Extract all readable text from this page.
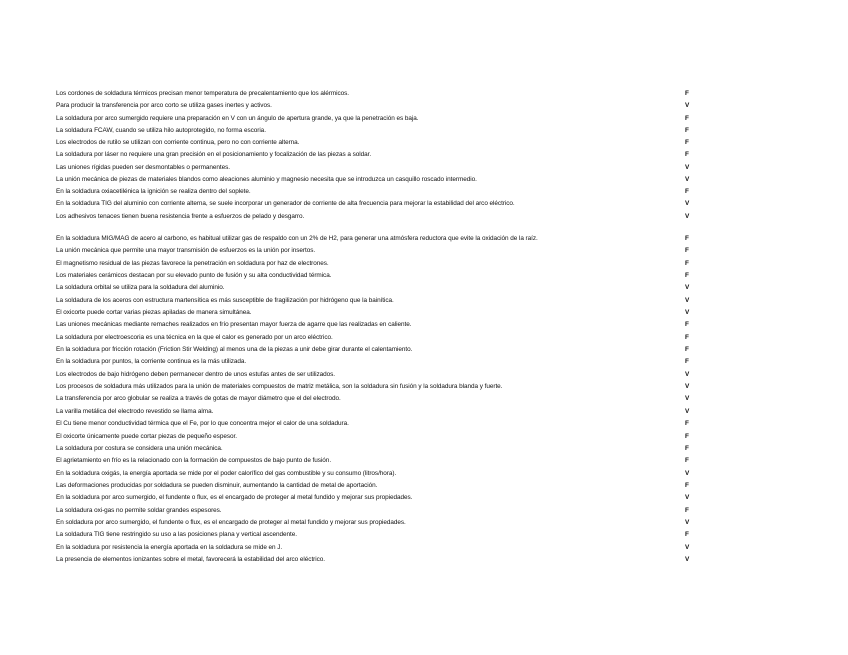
Los cordones de soldadura térmicos precisan menor temperatura de precalentamiento que los alérmicos.	F
Para producir la transferencia por arco corto se utiliza gases inertes y activos.	V
La soldadura por arco sumergido requiere una preparación en V con un ángulo de apertura grande, ya que la penetración es baja.	F
La soldadura FCAW, cuando se utiliza hilo autoprotegido, no forma escoria.	F
Los electrodos de rutilo se utilizan con corriente continua, pero no con corriente alterna.	F
La soldadura por láser no requiere una gran precisión en el posicionamiento y focalización de las piezas a soldar.	F
Las uniones rígidas pueden ser desmontables o permanentes.	V
La unión mecánica de piezas de materiales blandos como aleaciones aluminio y magnesio necesita que se introduzca un casquillo roscado intermedio.	V
En la soldadura oxiacetilénica la ignición se realiza dentro del soplete.	F
En la soldadura TIG del aluminio con corriente alterna, se suele incorporar un generador de corriente de alta frecuencia para mejorar la estabilidad del arco eléctrico.	V
Los adhesivos tenaces tienen buena resistencia frente a esfuerzos de pelado y desgarro.	V
En la soldadura MIG/MAG de acero al carbono, es habitual utilizar gas de respaldo con un 2% de H2, para generar una atmósfera reductora que evite la oxidación de la raíz.	F
La unión mecánica que permite una mayor transmisión de esfuerzos es la unión por insertos.	F
El magnetismo residual de las piezas favorece la penetración en soldadura por haz de electrones.	F
Los materiales cerámicos destacan por su elevado punto de fusión y su alta conductividad térmica.	F
La soldadura orbital se utiliza para la soldadura del aluminio.	V
La soldadura de los aceros con estructura martensítica es más susceptible de fragilización por hidrógeno que la bainítica.	V
El oxicorte puede cortar varias piezas apiladas de manera simultánea.	V
Las uniones mecánicas mediante remaches realizados en frío presentan mayor fuerza de agarre que las realizadas en caliente.	F
La soldadura por electroescoria es una técnica en la que el calor es generado por un arco eléctrico.	F
En la soldadura por fricción rotación (Friction Stir Welding) al menos una de la piezas a unir debe girar durante el calentamiento.	F
En la soldadura por puntos, la corriente continua es la más utilizada.	F
Los electrodos de bajo hidrógeno deben permanecer dentro de unos estufas antes de ser utilizados.	V
Los procesos de soldadura más utilizados para la unión de materiales compuestos de matriz metálica, son la soldadura sin fusión y la soldadura blanda y fuerte.	V
La transferencia por arco globular se realiza a través de gotas de mayor diámetro que el del electrodo.	V
La varilla metálica del electrodo revestido se llama alma.	V
El Cu tiene menor conductividad térmica que el Fe, por lo que concentra mejor el calor de una soldadura.	F
El oxicorte únicamente puede cortar piezas de pequeño espesor.	F
La soldadura por costura se considera una unión mecánica.	F
El agrietamiento en frío es la relacionado con la formación de compuestos de bajo punto de fusión.	F
En la soldadura oxigás, la energía aportada se mide por el poder calorífico del gas combustible y su consumo (litros/hora).	V
Las deformaciones producidas por soldadura se pueden disminuir, aumentando la cantidad de metal de aportación.	F
En la soldadura por arco sumergido, el fundente o flux, es el encargado de proteger al metal fundido y mejorar sus propiedades.	V
La soldadura oxi-gas no permite soldar grandes espesores.	F
En soldadura por arco sumergido, el fundente o flux, es el encargado de proteger al metal fundido y mejorar sus propiedades.	V
La soldadura TIG tiene restringido su uso a las posiciones plana y vertical ascendente.	F
En la soldadura por resistencia la energía aportada en la soldadura se mide en J.	V
La presencia de elementos ionizantes sobre el metal, favorecerá la estabilidad del arco eléctrico.	V
